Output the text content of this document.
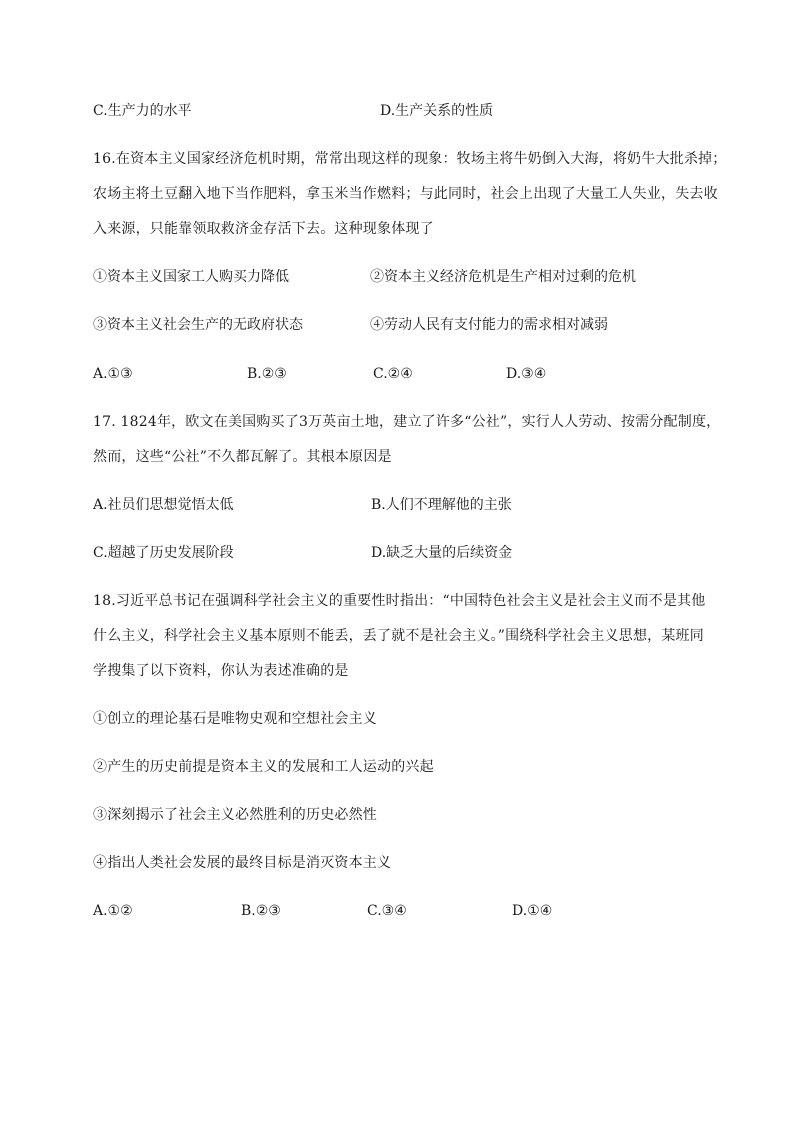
C.生产力的水平	D.生产关系的性质
16.在资本主义国家经济危机时期，常常出现这样的现象：牧场主将牛奶倒入大海，将奶牛大批杀掉；
农场主将土豆翻入地下当作肥料，拿玉米当作燃料；与此同时，社会上出现了大量工人失业，失去收
入来源，只能靠领取救济金存活下去。这种现象体现了
①资本主义国家工人购买力降低	②资本主义经济危机是生产相对过剩的危机
③资本主义社会生产的无政府状态	④劳动人民有支付能力的需求相对减弱
A.①③	B.②③	C.②④	D.③④
17. 1824年，欧文在美国购买了3万英亩土地，建立了许多“公社”，实行人人劳动、按需分配制度，
然而，这些“公社”不久都瓦解了。其根本原因是
A.社员们思想觉悟太低	B.人们不理解他的主张
C.超越了历史发展阶段	D.缺乏大量的后续资金
18.习近平总书记在强调科学社会主义的重要性时指出：“中国特色社会主义是社会主义而不是其他
什么主义，科学社会主义基本原则不能丢，丢了就不是社会主义。”围绕科学社会主义思想，某班同
学搜集了以下资料，你认为表述准确的是
①创立的理论基石是唯物史观和空想社会主义
②产生的历史前提是资本主义的发展和工人运动的兴起
③深刻揭示了社会主义必然胜利的历史必然性
④指出人类社会发展的最终目标是消灭资本主义
A.①②	B.②③	C.③④	D.①④
